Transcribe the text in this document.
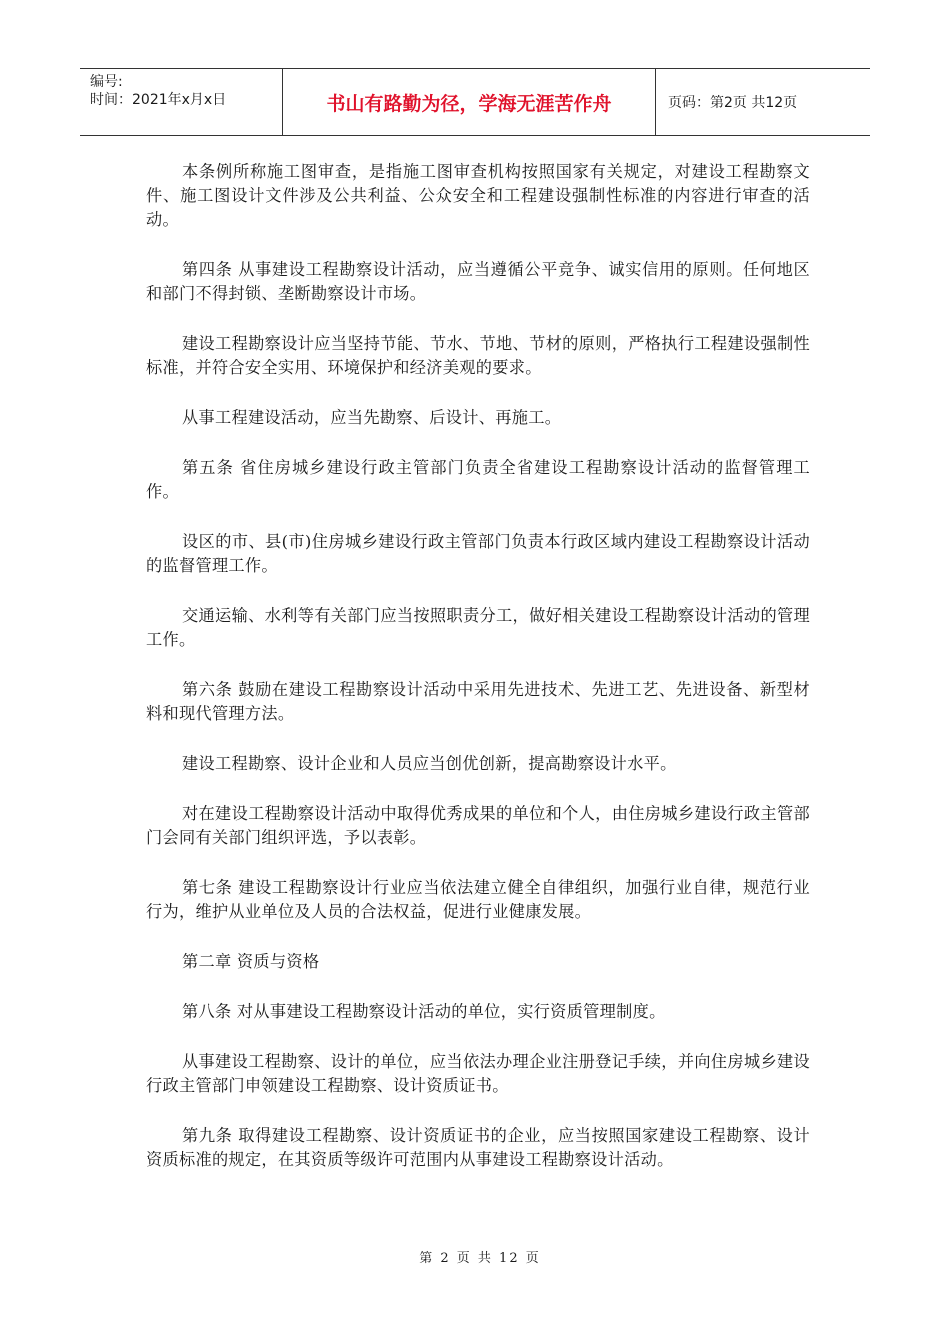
编号:
时间：2021年x月x日	书山有路勤为径，学海无涯苦作舟	页码：第2页 共12页

本条例所称施工图审查，是指施工图审查机构按照国家有关规定，对建设工程勘察文件、施工图设计文件涉及公共利益、公众安全和工程建设强制性标准的内容进行审查的活动。

第四条 从事建设工程勘察设计活动，应当遵循公平竞争、诚实信用的原则。任何地区和部门不得封锁、垄断勘察设计市场。

建设工程勘察设计应当坚持节能、节水、节地、节材的原则，严格执行工程建设强制性标准，并符合安全实用、环境保护和经济美观的要求。

从事工程建设活动，应当先勘察、后设计、再施工。

第五条 省住房城乡建设行政主管部门负责全省建设工程勘察设计活动的监督管理工作。

设区的市、县(市)住房城乡建设行政主管部门负责本行政区域内建设工程勘察设计活动的监督管理工作。

交通运输、水利等有关部门应当按照职责分工，做好相关建设工程勘察设计活动的管理工作。

第六条 鼓励在建设工程勘察设计活动中采用先进技术、先进工艺、先进设备、新型材料和现代管理方法。

建设工程勘察、设计企业和人员应当创优创新，提高勘察设计水平。

对在建设工程勘察设计活动中取得优秀成果的单位和个人，由住房城乡建设行政主管部门会同有关部门组织评选，予以表彰。

第七条 建设工程勘察设计行业应当依法建立健全自律组织，加强行业自律，规范行业行为，维护从业单位及人员的合法权益，促进行业健康发展。

第二章 资质与资格

第八条 对从事建设工程勘察设计活动的单位，实行资质管理制度。

从事建设工程勘察、设计的单位，应当依法办理企业注册登记手续，并向住房城乡建设行政主管部门申领建设工程勘察、设计资质证书。

第九条 取得建设工程勘察、设计资质证书的企业，应当按照国家建设工程勘察、设计资质标准的规定，在其资质等级许可范围内从事建设工程勘察设计活动。

第 2 页 共 12 页
